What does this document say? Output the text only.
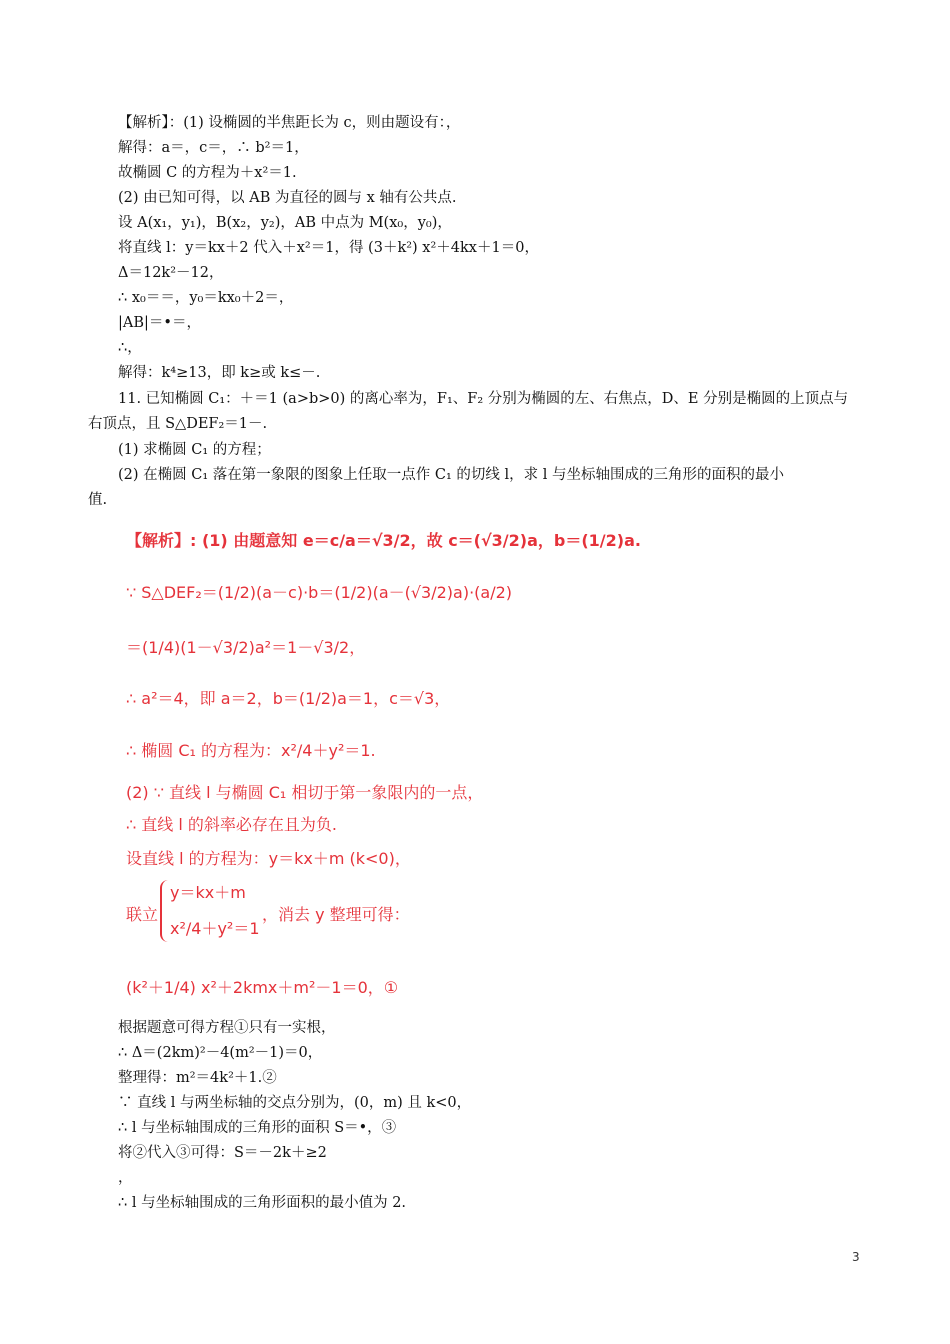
【解析】：(1) 设椭圆的半焦距长为 c，则由题设有：，
解得：a＝，c＝，∴ b²＝1，
故椭圆 C 的方程为＋x²＝1.
(2) 由已知可得，以 AB 为直径的圆与 x 轴有公共点.
设 A(x₁，y₁)，B(x₂，y₂)，AB 中点为 M(x₀，y₀)，
将直线 l：y＝kx＋2 代入＋x²＝1，得 (3＋k²) x²＋4kx＋1＝0，
Δ＝12k²－12，
∴ x₀＝＝，y₀＝kx₀＋2＝，
|AB|＝•＝，
∴，
解得：k⁴≥13，即 k≥或 k≤－.
11. 已知椭圆 C₁：＋＝1 (a>b>0) 的离心率为，F₁、F₂ 分别为椭圆的左、右焦点，D、E 分别是椭圆的上顶点与
右顶点，且 S△DEF₂＝1－.
(1) 求椭圆 C₁ 的方程；
(2) 在椭圆 C₁ 落在第一象限的图象上任取一点作 C₁ 的切线 l，求 l 与坐标轴围成的三角形的面积的最小
值.
【解析】: (1) 由题意知 e＝c/a＝√3/2，故 c＝(√3/2)a，b＝(1/2)a.
∵ S△DEF₂＝(1/2)(a－c)·b＝(1/2)(a－(√3/2)a)·(a/2)
＝(1/4)(1－√3/2)a²＝1－√3/2，
∴ a²＝4，即 a＝2，b＝(1/2)a＝1，c＝√3，
∴ 椭圆 C₁ 的方程为：x²/4＋y²＝1.
(2) ∵ 直线 l 与椭圆 C₁ 相切于第一象限内的一点，
∴ 直线 l 的斜率必存在且为负.
设直线 l 的方程为：y＝kx＋m (k<0)，
联立
y＝kx＋m
x²/4＋y²＝1
，消去 y 整理可得：
(k²＋1/4) x²＋2kmx＋m²－1＝0，①
根据题意可得方程①只有一实根，
∴ Δ＝(2km)²－4(m²－1)＝0，
整理得：m²＝4k²＋1.②
∵ 直线 l 与两坐标轴的交点分别为，(0，m) 且 k<0，
∴ l 与坐标轴围成的三角形的面积 S＝•，③
将②代入③可得：S＝－2k＋≥2
，
∴ l 与坐标轴围成的三角形面积的最小值为 2.
3
